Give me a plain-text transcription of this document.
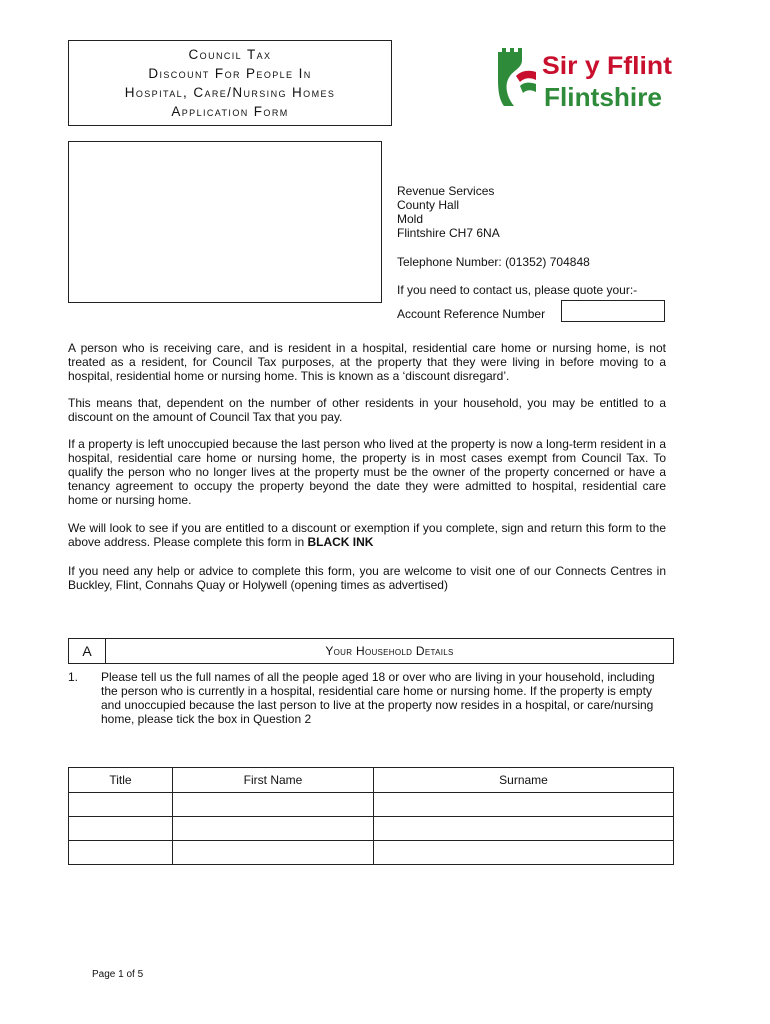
Council Tax
Discount For People In
Hospital, Care/Nursing Homes
Application Form
Sir y Fflint
Flintshire
Revenue Services
County Hall
Mold
Flintshire CH7 6NA
Telephone Number: (01352) 704848
If you need to contact us, please quote your:-
Account Reference Number

A person who is receiving care, and is resident in a hospital, residential care home or nursing home, is not treated as a resident, for Council Tax purposes, at the property that they were living in before moving to a hospital, residential home or nursing home. This is known as a ‘discount disregard’.

This means that, dependent on the number of other residents in your household, you may be entitled to a discount on the amount of Council Tax that you pay.

If a property is left unoccupied because the last person who lived at the property is now a long-term resident in a hospital, residential care home or nursing home, the property is in most cases exempt from Council Tax. To qualify the person who no longer lives at the property must be the owner of the property concerned or have a tenancy agreement to occupy the property beyond the date they were admitted to hospital, residential care home or nursing home.

We will look to see if you are entitled to a discount or exemption if you complete, sign and return this form to the above address. Please complete this form in BLACK INK

If you need any help or advice to complete this form, you are welcome to visit one of our Connects Centres in Buckley, Flint, Connahs Quay or Holywell (opening times as advertised)

A	Your Household Details
1. Please tell us the full names of all the people aged 18 or over who are living in your household, including the person who is currently in a hospital, residential care home or nursing home. If the property is empty and unoccupied because the last person to live at the property now resides in a hospital, or care/nursing home, please tick the box in Question 2

Title	First Name	Surname

Page 1 of 5
